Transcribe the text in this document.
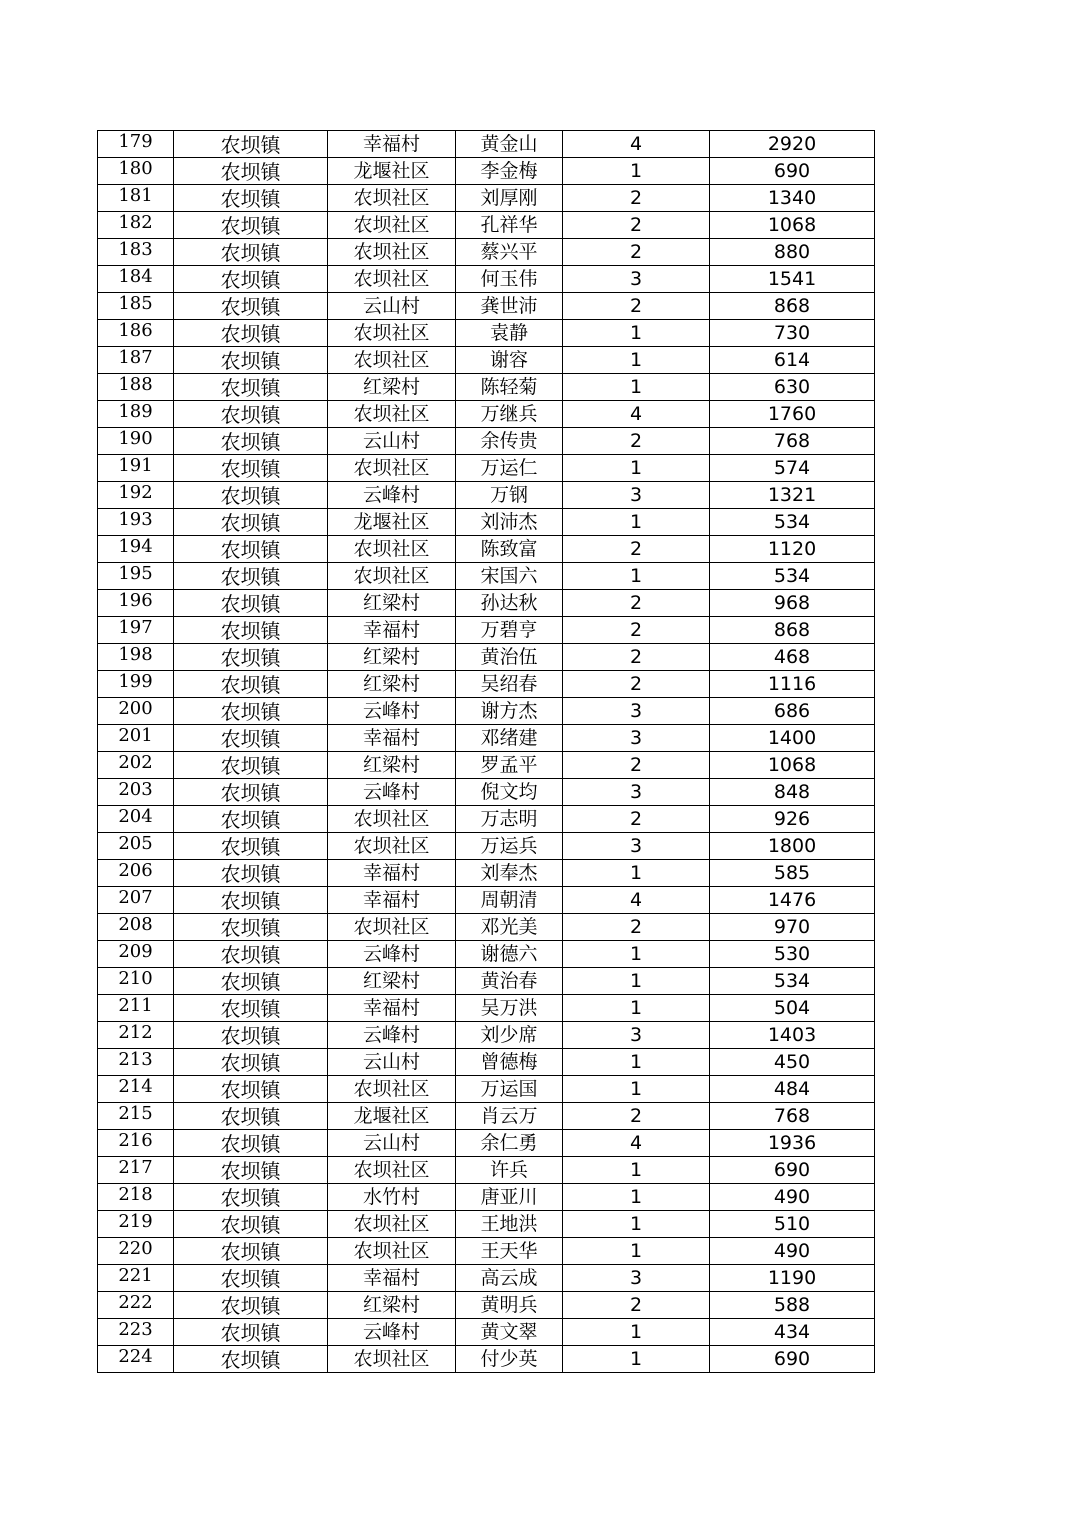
179	农坝镇	幸福村	黄金山	4	2920
180	农坝镇	龙堰社区	李金梅	1	690
181	农坝镇	农坝社区	刘厚刚	2	1340
182	农坝镇	农坝社区	孔祥华	2	1068
183	农坝镇	农坝社区	蔡兴平	2	880
184	农坝镇	农坝社区	何玉伟	3	1541
185	农坝镇	云山村	龚世沛	2	868
186	农坝镇	农坝社区	袁静	1	730
187	农坝镇	农坝社区	谢容	1	614
188	农坝镇	红梁村	陈轻菊	1	630
189	农坝镇	农坝社区	万继兵	4	1760
190	农坝镇	云山村	余传贵	2	768
191	农坝镇	农坝社区	万运仁	1	574
192	农坝镇	云峰村	万钢	3	1321
193	农坝镇	龙堰社区	刘沛杰	1	534
194	农坝镇	农坝社区	陈致富	2	1120
195	农坝镇	农坝社区	宋国六	1	534
196	农坝镇	红梁村	孙达秋	2	968
197	农坝镇	幸福村	万碧亨	2	868
198	农坝镇	红梁村	黄治伍	2	468
199	农坝镇	红梁村	吴绍春	2	1116
200	农坝镇	云峰村	谢方杰	3	686
201	农坝镇	幸福村	邓绪建	3	1400
202	农坝镇	红梁村	罗孟平	2	1068
203	农坝镇	云峰村	倪文均	3	848
204	农坝镇	农坝社区	万志明	2	926
205	农坝镇	农坝社区	万运兵	3	1800
206	农坝镇	幸福村	刘奉杰	1	585
207	农坝镇	幸福村	周朝清	4	1476
208	农坝镇	农坝社区	邓光美	2	970
209	农坝镇	云峰村	谢德六	1	530
210	农坝镇	红梁村	黄治春	1	534
211	农坝镇	幸福村	吴万洪	1	504
212	农坝镇	云峰村	刘少席	3	1403
213	农坝镇	云山村	曾德梅	1	450
214	农坝镇	农坝社区	万运国	1	484
215	农坝镇	龙堰社区	肖云万	2	768
216	农坝镇	云山村	余仁勇	4	1936
217	农坝镇	农坝社区	许兵	1	690
218	农坝镇	水竹村	唐亚川	1	490
219	农坝镇	农坝社区	王地洪	1	510
220	农坝镇	农坝社区	王天华	1	490
221	农坝镇	幸福村	高云成	3	1190
222	农坝镇	红梁村	黄明兵	2	588
223	农坝镇	云峰村	黄文翠	1	434
224	农坝镇	农坝社区	付少英	1	690
